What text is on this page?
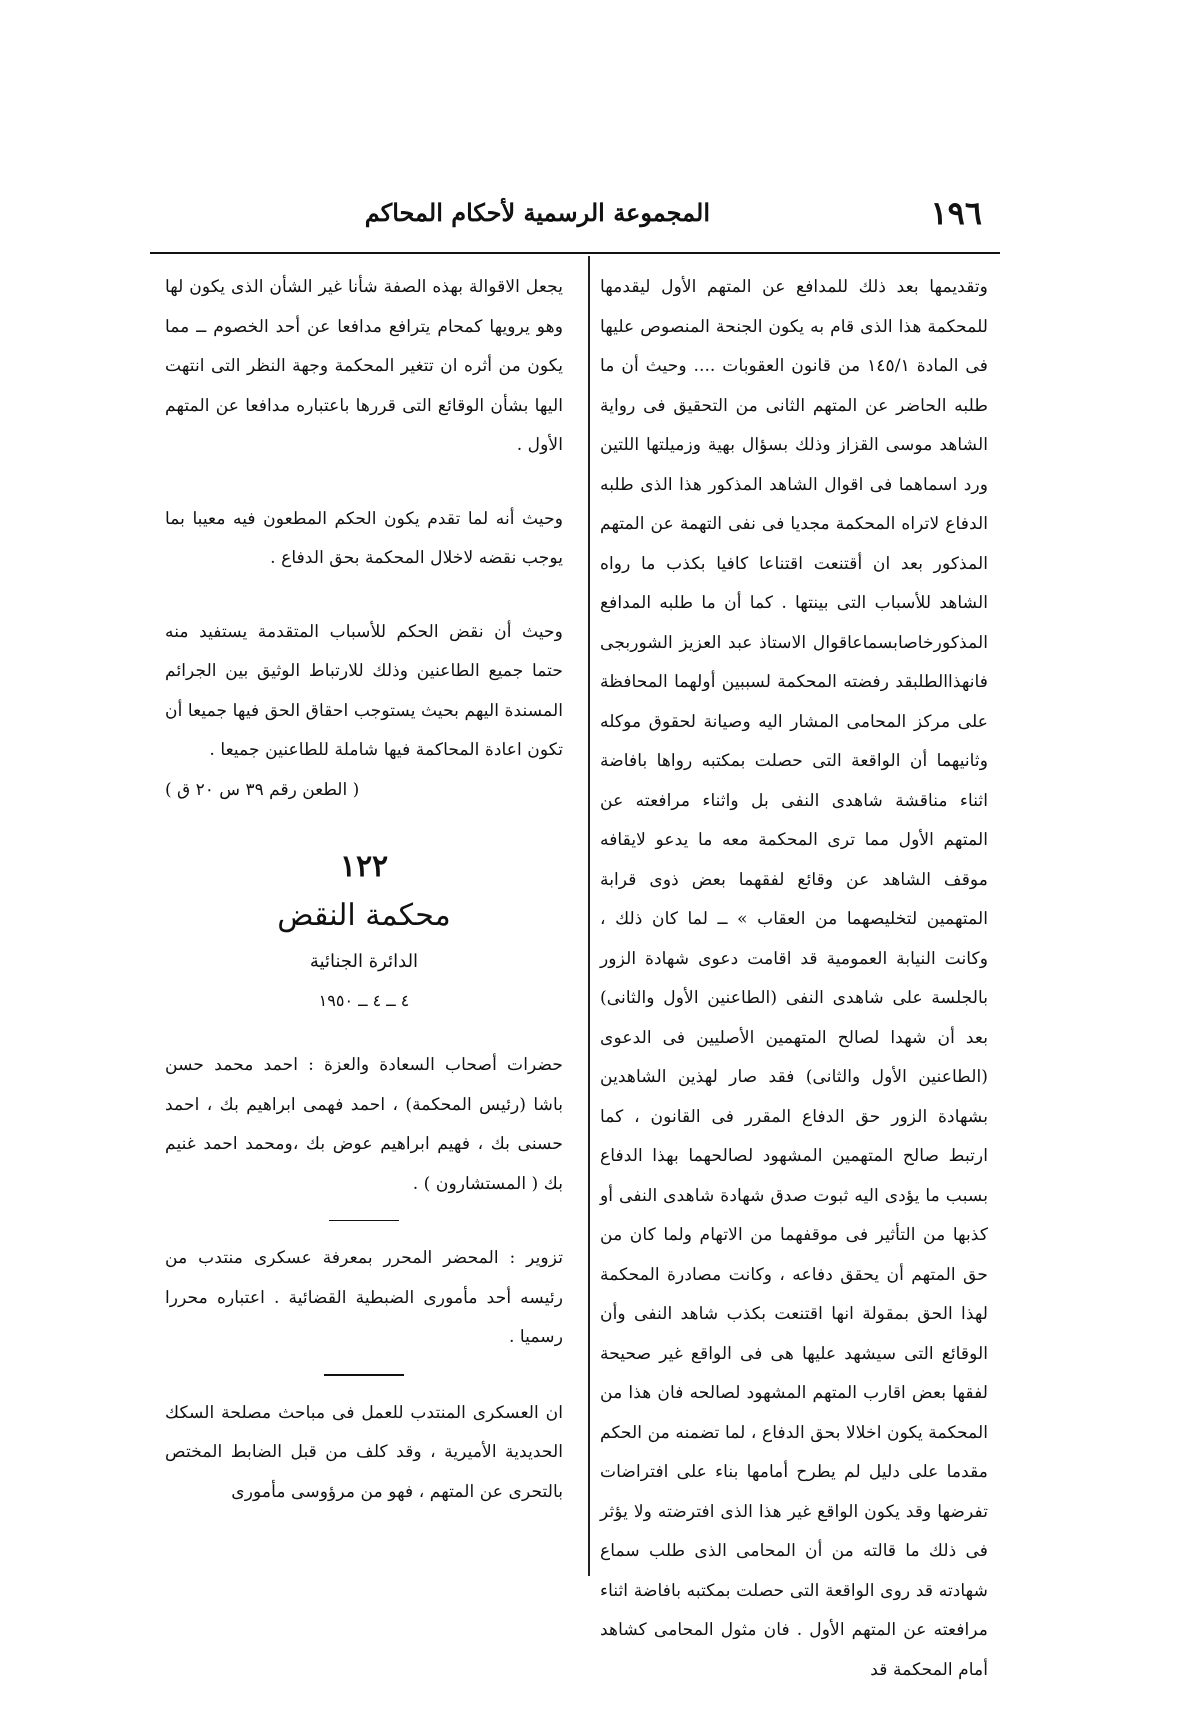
١٩٦
المجموعة الرسمية لأحكام المحاكم

وتقديمها بعد ذلك للمدافع عن المتهم الأول ليقدمها للمحكمة هذا الذى قام به يكون الجنحة المنصوص عليها فى المادة ١٤٥/١ من قانون العقوبات .... وحيث أن ما طلبه الحاضر عن المتهم الثانى من التحقيق فى رواية الشاهد موسى القزاز وذلك بسؤال بهية وزميلتها اللتين ورد اسماهما فى اقوال الشاهد المذكور هذا الذى طلبه الدفاع لاتراه المحكمة مجديا فى نفى التهمة عن المتهم المذكور بعد ان أقتنعت اقتناعا كافيا بكذب ما رواه الشاهد للأسباب التى بينتها . كما أن ما طلبه المدافع المذكورخاصابسماعاقوال الاستاذ عبد العزيز الشوربجى فانهذاالطلبقد رفضته المحكمة لسببين أولهما المحافظة على مركز المحامى المشار اليه وصيانة لحقوق موكله وثانيهما أن الواقعة التى حصلت بمكتبه رواها بافاضة اثناء مناقشة شاهدى النفى بل واثناء مرافعته عن المتهم الأول مما ترى المحكمة معه ما يدعو لايقافه موقف الشاهد عن وقائع لفقهما بعض ذوى قرابة المتهمين لتخليصهما من العقاب » ــ لما كان ذلك ، وكانت النيابة العمومية قد اقامت دعوى شهادة الزور بالجلسة على شاهدى النفى (الطاعنين الأول والثانى) بعد أن شهدا لصالح المتهمين الأصليين فى الدعوى (الطاعنين الأول والثانى) فقد صار لهذين الشاهدين بشهادة الزور حق الدفاع المقرر فى القانون ، كما ارتبط صالح المتهمين المشهود لصالحهما بهذا الدفاع بسبب ما يؤدى اليه ثبوت صدق شهادة شاهدى النفى أو كذبها من التأثير فى موقفهما من الاتهام ولما كان من حق المتهم أن يحقق دفاعه ، وكانت مصادرة المحكمة لهذا الحق بمقولة انها اقتنعت بكذب شاهد النفى وأن الوقائع التى سيشهد عليها هى فى الواقع غير صحيحة لفقها بعض اقارب المتهم المشهود لصالحه فان هذا من المحكمة يكون اخلالا بحق الدفاع ، لما تضمنه من الحكم مقدما على دليل لم يطرح أمامها بناء على افتراضات تفرضها وقد يكون الواقع غير هذا الذى افترضته ولا يؤثر فى ذلك ما قالته من أن المحامى الذى طلب سماع شهادته قد روى الواقعة التى حصلت بمكتبه بافاضة اثناء مرافعته عن المتهم الأول . فان مثول المحامى كشاهد أمام المحكمة قد

يجعل الاقوالة بهذه الصفة شأنا غير الشأن الذى يكون لها وهو يرويها كمحام يترافع مدافعا عن أحد الخصوم ــ مما يكون من أثره ان تتغير المحكمة وجهة النظر التى انتهت اليها بشأن الوقائع التى قررها باعتباره مدافعا عن المتهم الأول .

وحيث أنه لما تقدم يكون الحكم المطعون فيه معيبا بما يوجب نقضه لاخلال المحكمة بحق الدفاع .

وحيث أن نقض الحكم للأسباب المتقدمة يستفيد منه حتما جميع الطاعنين وذلك للارتباط الوثيق بين الجرائم المسندة اليهم بحيث يستوجب احقاق الحق فيها جميعا أن تكون اعادة المحاكمة فيها شاملة للطاعنين جميعا .

( الطعن رقم ٣٩ س ٢٠ ق )

١٢٢
محكمة النقض
الدائرة الجنائية
٤ ــ ٤ ــ ١٩٥٠

حضرات أصحاب السعادة والعزة : احمد محمد حسن باشا (رئيس المحكمة) ، احمد فهمى ابراهيم بك ، احمد حسنى بك ، فهيم ابراهيم عوض بك ،ومحمد احمد غنيم بك ( المستشارون ) .

تزوير : المحضر المحرر بمعرفة عسكرى منتدب من رئيسه أحد مأمورى الضبطية القضائية . اعتباره محررا رسميا .

ان العسكرى المنتدب للعمل فى مباحث مصلحة السكك الحديدية الأميرية ، وقد كلف من قبل الضابط المختص بالتحرى عن المتهم ، فهو من مرؤوسى مأمورى
